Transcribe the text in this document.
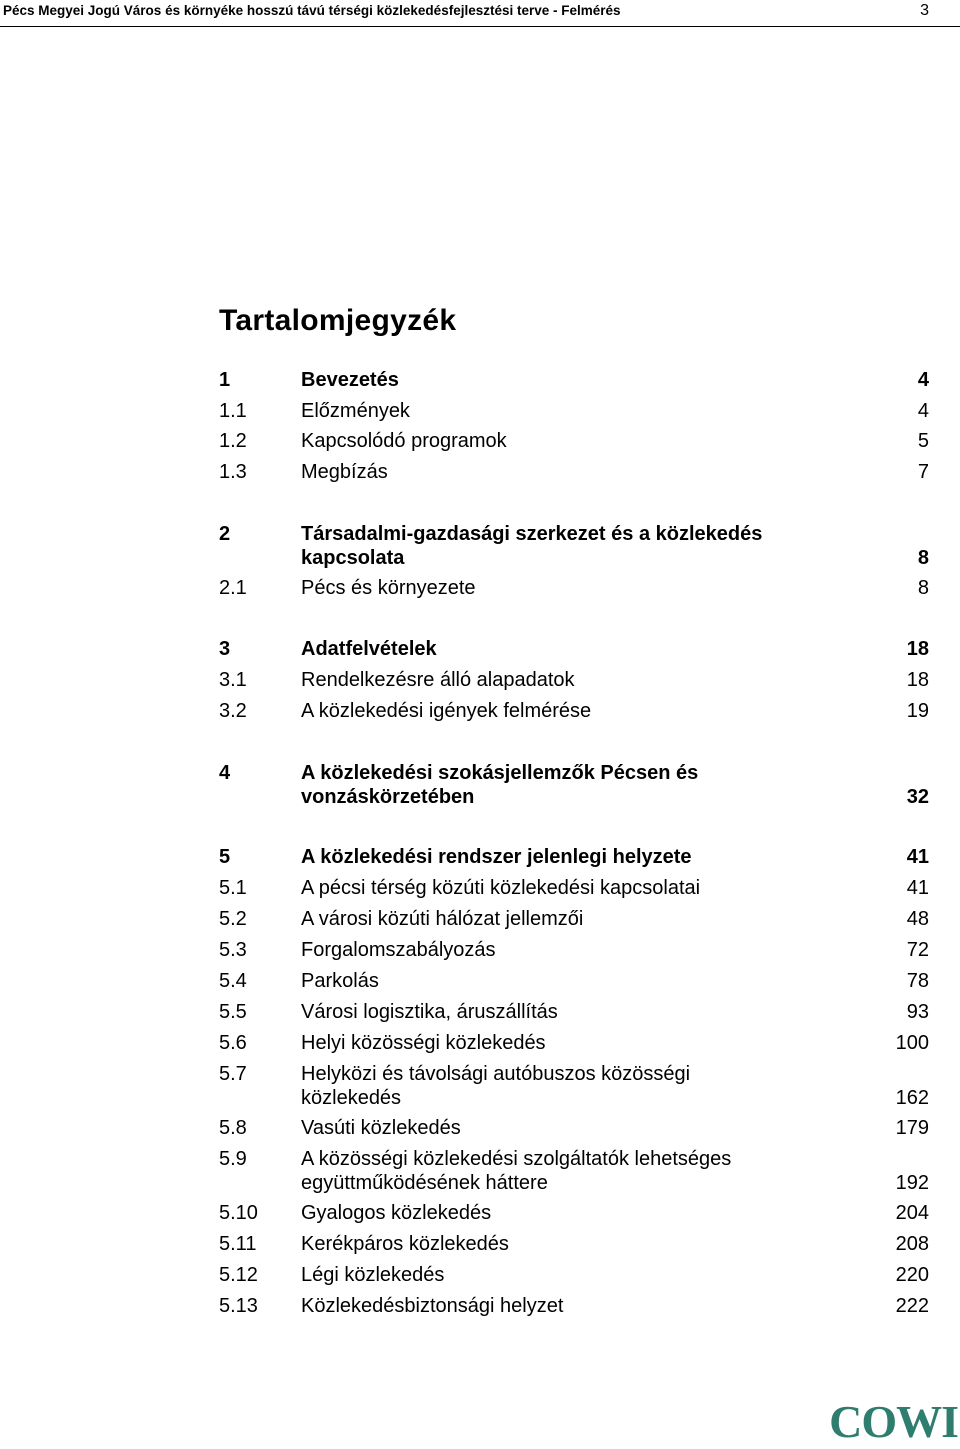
Pécs Megyei Jogú Város és környéke hosszú távú térségi közlekedésfejlesztési terve - Felmérés	3
Tartalomjegyzék
1	Bevezetés	4
1.1	Előzmények	4
1.2	Kapcsolódó programok	5
1.3	Megbízás	7
2	Társadalmi-gazdasági szerkezet és a közlekedés
kapcsolata	8
2.1	Pécs és környezete	8
3	Adatfelvételek	18
3.1	Rendelkezésre álló alapadatok	18
3.2	A közlekedési igények felmérése	19
4	A közlekedési szokásjellemzők Pécsen és
vonzáskörzetében	32
5	A közlekedési rendszer jelenlegi helyzete	41
5.1	A pécsi térség közúti közlekedési kapcsolatai	41
5.2	A városi közúti hálózat jellemzői	48
5.3	Forgalomszabályozás	72
5.4	Parkolás	78
5.5	Városi logisztika, áruszállítás	93
5.6	Helyi közösségi közlekedés	100
5.7	Helyközi és távolsági autóbuszos közösségi
közlekedés	162
5.8	Vasúti közlekedés	179
5.9	A közösségi közlekedési szolgáltatók lehetséges
együttműködésének háttere	192
5.10 Gyalogos közlekedés	204
5.11 Kerékpáros közlekedés	208
5.12 Légi közlekedés	220
5.13 Közlekedésbiztonsági helyzet	222
COWI
